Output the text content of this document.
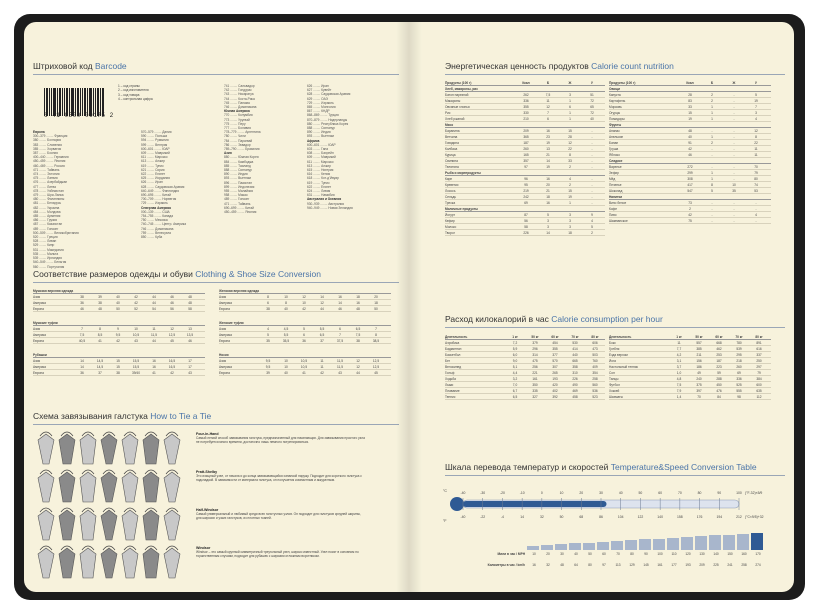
Штриховой код Barcode
6 41 0500 09175 2
1 – код страны
2 – код изготовителя
3 – код товара
4 – контрольная цифра
Европа
300–379 ........ Франция
380 ........ Болгария
383 ........ Словения
385 ........ Хорватия
387 ........ Босния
400–440 ........ Германия
450–459 ........ Япония
460–469 ........ Россия
471 ........ Тайвань
474 ........ Эстония
475 ........ Латвия
476 ........ Азербайджан
477 ........ Литва
478 ........ Узбекистан
479 ........ Шри-Ланка
480 ........ Филиппины
481 ........ Беларусь
482 ........ Украина
484 ........ Молдова
485 ........ Армения
486 ........ Грузия
487 ........ Казахстан
489 ........ Гонконг
500–509 ........ Великобритания
520 ........ Греция
528 ........ Ливан
529 ........ Кипр
531 ........ Македония
535 ........ Мальта
539 ........ Ирландия
540–549 ........ Бельгия
560 ........ Португалия
570–579 ........ Дания
590 ........ Польша
594 ........ Румыния
599 ........ Венгрия
600–601 ........ ЮАР
609 ........ Маврикий
611 ........ Марокко
613 ........ Алжир
619 ........ Тунис
621 ........ Сирия
622 ........ Египет
625 ........ Иордания
626 ........ Иран
628 ........ Саудовская Аравия
640–649 ........ Финляндия
690–695 ........ Китай
700–709 ........ Норвегия
729 ........ Израиль
Северная Америка
000–139 ........ США
754–755 ........ Канада
750 ........ Мексика
740–745 ........ Центр. Америка
746 ........ Доминикана
759 ........ Венесуэла
850 ........ Куба
741 ........ Сальвадор
742 ........ Гондурас
743 ........ Никарагуа
744 ........ Коста-Рика
745 ........ Панама
746 ........ Доминикана
Южная Америка
770 ........ Колумбия
773 ........ Уругвай
775 ........ Перу
777 ........ Боливия
778–779 ........ Аргентина
780 ........ Чили
784 ........ Парагвай
786 ........ Эквадор
789–790 ........ Бразилия
Азия
880 ........ Южная Корея
884 ........ Камбоджа
885 ........ Таиланд
888 ........ Сингапур
890 ........ Индия
893 ........ Вьетнам
896 ........ Пакистан
899 ........ Индонезия
955 ........ Малайзия
958 ........ Макао
489 ........ Гонконг
471 ........ Тайвань
690–699 ........ Китай
450–459 ........ Япония
626 ........ Иран
627 ........ Кувейт
628 ........ Саудовская Аравия
629 ........ ОАЭ
729 ........ Израиль
865 ........ Монголия
867 ........ КНДР
868–869 ........ Турция
870–879 ........ Нидерланды
880 ........ Республика Корея
888 ........ Сингапур
890 ........ Индия
893 ........ Вьетнам
Африка
600–601 ........ ЮАР
603 ........ Гана
608 ........ Бахрейн
609 ........ Маврикий
611 ........ Марокко
613 ........ Алжир
615 ........ Нигерия
616 ........ Кения
618 ........ Кот-д’Ивуар
619 ........ Тунис
622 ........ Египет
624 ........ Ливия
631 ........ Намибия
Австралия и Океания
930–939 ........ Австралия
940–949 ........ Новая Зеландия
Соответствие размеров одежды и обуви Clothing & Shoe Size Conversion
Мужская верхняя одежда
Азия	38	39	40	42	44	46	48
Америка	36	38	40	42	44	46	48
Европа	46	48	50	52	54	56	58
Женская верхняя одежда
Азия	8	10	12	14	16	18	20
Америка	6	8	10	12	14	16	18
Европа	38	40	42	44	46	48	50
Мужские туфли
Азия	7	8	9	10	11	12	13
Америка	7,5	8,5	9,5	10,5	11,5	12,5	13,5
Европа	40,5	41	42	43	44	45	46
Женские туфли
Азия	4	4,5	5	5,5	6	6,5	7
Америка	5	5,5	6	6,5	7	7,5	8
Европа	35	35,5	36	37	37,5	38	38,5
Рубашки
Азия	14	14,5	15	15,5	16	16,5	17
Америка	14	14,5	15	15,5	16	16,5	17
Европа	36	37	38	39/40	41	42	43
Носки
Азия	9,5	10	10,5	11	11,5	12	12,5
Америка	9,5	10	10,5	11	11,5	12	12,5
Европа	39	40	41	42	43	44	45
Схема завязывания галстука How to Tie a Tie
Four-in-Hand
Самый легкий способ завязывания галстука, предназначенный для начинающих. Для завязывания простого узла не потребуется много времени, достаточно лишь немного потренироваться.
Pratt-Shelby
Это изящный узел, от начала и до конца завязывающийся изнанкой наружу. Подходит для короткого галстука с подкладкой. В зависимости от материала галстука, он получается компактным и аккуратным.
Half-Windsor
Самый универсальный и любимый среди всех галстучных узлов. Он подходит для галстуков средней ширины, для широких и узких галстуков, из плотных тканей.
Windsor
Windsor – это самый крупный симметричный треугольный узел, широко известный. Узел носят в основном по торжественным случаям, подходит для рубашек с широким отложным воротником.
Энергетическая ценность продуктов Calorie count nutrition
Продукты (100 г)	Ккал	Б	Ж	У
Хлеб, макароны, рис
Батон нарезной	262	7,5	3	51
Макароны	336	11	1	72
Овсяные хлопья	355	12	6	65
Рис	330	7	1	72
Хлеб ржаной	210	6	1	40
Мясо
Баранина	209	16	15	-
Ветчина	365	23	28	-
Говядина	187	19	12	-
Колбаса	260	13	22	-
Курица	165	21	8	-
Свинина	357	14	33	-
Телятина	97	19	2	-
Рыба и морепродукты
Карп	96	16	4	-
Креветки	95	20	2	-
Лосось	219	21	15	-
Сельдь	242	18	19	-
Треска	69	16	1	-
Молочные продукты
Йогурт	87	5	3	9
Кефир	56	3	3	4
Молоко	58	3	3	5
Творог	226	14	18	2
Продукты (100 г)	Ккал	Б	Ж	У
Овощи
Капуста	28	2	-	5
Картофель	83	2	-	19
Морковь	33	1	-	7
Огурцы	15	1	-	3
Помидоры	19	1	-	4
Фрукты
Ананас	48	-	-	12
Апельсин	40	1	-	8
Банан	91	2	-	22
Груша	42	-	-	11
Яблоко	46	-	-	11
Сладкое
Варенье	272	-	-	70
Зефир	299	1	-	79
Мёд	308	1	-	80
Печенье	417	8	10	74
Шоколад	547	5	35	53
Напитки
Вино белое	73	-	-	-
Кофе	2	-	-	-
Пиво	42	-	-	4
Шампанское	75	-	-	-
Расход килокалорий в час Calorie consumption per hour
Деятельность	1 кг	50 кг	60 кг	70 кг	80 кг
Аэробика	7,2	379	454	530	606
Бадминтон	5,9	296	355	414	473
Баскетбол	6,0	314	377	440	503
Бег	9,0	475	570	665	760
Велосипед	5,1	256	307	358	409
Гольф	4,4	221	265	310	354
Ходьба	3,2	161	193	226	258
Лыжи	7,0	350	420	490	560
Плавание	6,7	335	402	469	536
Теннис	6,5	327	392	458	523
Деятельность	1 кг	50 кг	60 кг	70 кг	80 кг
Бокс	11	557	668	780	891
Гребля	7,7	385	462	539	616
Езда верхом	4,2	211	253	295	337
Йога	3,1	156	187	218	250
Настольный теннис	3,7	186	223	260	297
Сон	1,0	49	59	69	79
Танцы	4,8	240	288	336	384
Футбол	7,5	375	450	525	600
Хоккей	7,9	397	476	555	635
Шахматы	1,4	70	84	98	112
Шкала перевода температур и скоростей Temperature&Speed Conversion Table
°C
°F
-40
-40
-30
-22
-20
-4
-10
14
0
32
10
50
20
68
30
86
40
104
50
122
60
140
70
158
80
176
90
194
100
212
(°F-32)×5/9
(°C×9/5)+32
Мили в час / MPH	10	20	30	40	50	60	70	80	90	100	110	120	130	140	150	160	170
Километры в час / km/h	16	32	48	64	80	97	113	129	145	161	177	193	209	225	241	258	274
